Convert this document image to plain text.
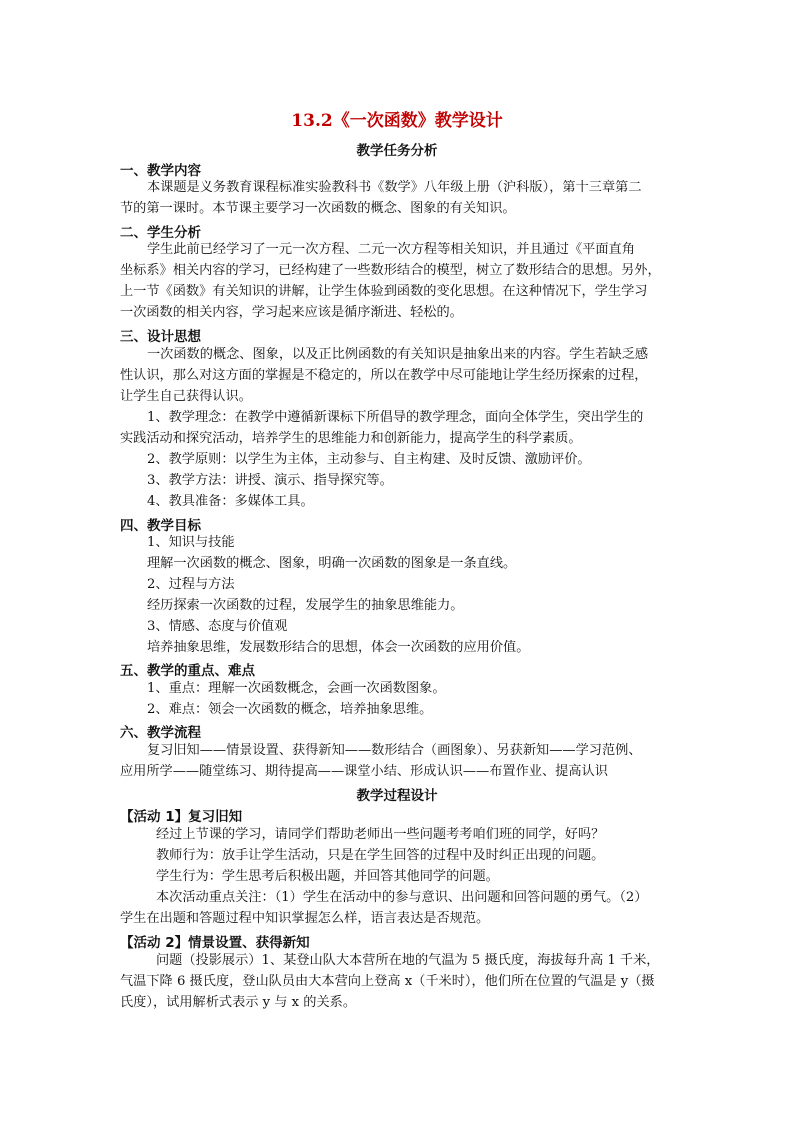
13.2《一次函数》教学设计
教学任务分析
一、教学内容
本课题是义务教育课程标准实验教科书《数学》八年级上册（沪科版），第十三章第二
节的第一课时。本节课主要学习一次函数的概念、图象的有关知识。
二、学生分析
学生此前已经学习了一元一次方程、二元一次方程等相关知识，并且通过《平面直角
坐标系》相关内容的学习，已经构建了一些数形结合的模型，树立了数形结合的思想。另外，
上一节《函数》有关知识的讲解，让学生体验到函数的变化思想。在这种情况下，学生学习
一次函数的相关内容，学习起来应该是循序渐进、轻松的。
三、设计思想
一次函数的概念、图象，以及正比例函数的有关知识是抽象出来的内容。学生若缺乏感
性认识，那么对这方面的掌握是不稳定的，所以在教学中尽可能地让学生经历探索的过程，
让学生自己获得认识。
1、教学理念：在教学中遵循新课标下所倡导的教学理念，面向全体学生，突出学生的
实践活动和探究活动，培养学生的思维能力和创新能力，提高学生的科学素质。
2、教学原则：以学生为主体，主动参与、自主构建、及时反馈、激励评价。
3、教学方法：讲授、演示、指导探究等。
4、教具准备：多媒体工具。
四、教学目标
1、知识与技能
理解一次函数的概念、图象，明确一次函数的图象是一条直线。
2、过程与方法
经历探索一次函数的过程，发展学生的抽象思维能力。
3、情感、态度与价值观
培养抽象思维，发展数形结合的思想，体会一次函数的应用价值。
五、教学的重点、难点
1、重点：理解一次函数概念，会画一次函数图象。
2、难点：领会一次函数的概念，培养抽象思维。
六、教学流程
复习旧知——情景设置、获得新知——数形结合（画图象）、另获新知——学习范例、
应用所学——随堂练习、期待提高——课堂小结、形成认识——布置作业、提高认识
教学过程设计
【活动 1】复习旧知
经过上节课的学习，请同学们帮助老师出一些问题考考咱们班的同学，好吗？
教师行为：放手让学生活动，只是在学生回答的过程中及时纠正出现的问题。
学生行为：学生思考后积极出题，并回答其他同学的问题。
本次活动重点关注：（1）学生在活动中的参与意识、出问题和回答问题的勇气。（2）
学生在出题和答题过程中知识掌握怎么样，语言表达是否规范。
【活动 2】情景设置、获得新知
问题（投影展示）1、某登山队大本营所在地的气温为 5 摄氏度，海拔每升高 1 千米，
气温下降 6 摄氏度，登山队员由大本营向上登高 x（千米时），他们所在位置的气温是 y（摄
氏度），试用解析式表示 y 与 x 的关系。
